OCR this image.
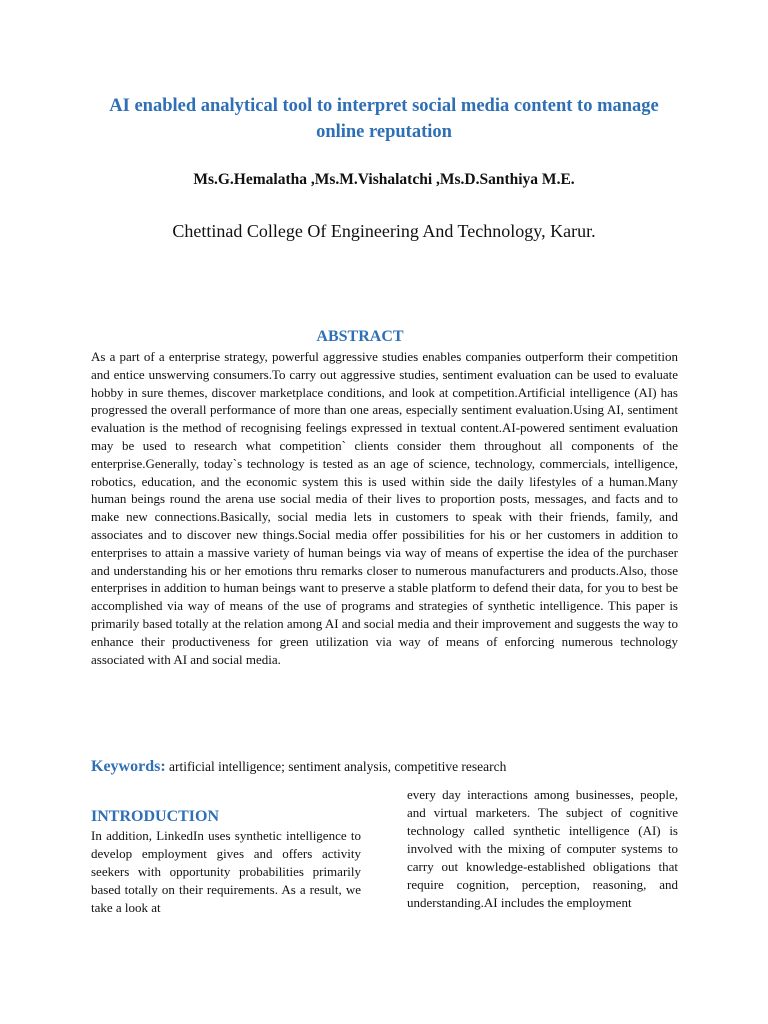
AI enabled analytical tool to interpret social media content to manage online reputation
Ms.G.Hemalatha ,Ms.M.Vishalatchi ,Ms.D.Santhiya M.E.
Chettinad College Of Engineering And Technology, Karur.
ABSTRACT
As a part of a enterprise strategy, powerful aggressive studies enables companies outperform their competition and entice unswerving consumers.To carry out aggressive studies, sentiment evaluation can be used to evaluate hobby in sure themes, discover marketplace conditions, and look at competition.Artificial intelligence (AI) has progressed the overall performance of more than one areas, especially sentiment evaluation.Using AI, sentiment evaluation is the method of recognising feelings expressed in textual content.AI-powered sentiment evaluation may be used to research what competition` clients consider them throughout all components of the enterprise.Generally, today`s technology is tested as an age of science, technology, commercials, intelligence, robotics, education, and the economic system this is used within side the daily lifestyles of a human.Many human beings round the arena use social media of their lives to proportion posts, messages, and facts and to make new connections.Basically, social media lets in customers to speak with their friends, family, and associates and to discover new things.Social media offer possibilities for his or her customers in addition to enterprises to attain a massive variety of human beings via way of means of expertise the idea of the purchaser and understanding his or her emotions thru remarks closer to numerous manufacturers and products.Also, those enterprises in addition to human beings want to preserve a stable platform to defend their data, for you to best be accomplished via way of means of the use of programs and strategies of synthetic intelligence. This paper is primarily based totally at the relation among AI and social media and their improvement and suggests the way to enhance their productiveness for green utilization via way of means of enforcing numerous technology associated with AI and social media.
Keywords: artificial intelligence; sentiment analysis, competitive research
INTRODUCTION
In addition, LinkedIn uses synthetic intelligence to develop employment gives and offers activity seekers with opportunity probabilities primarily based totally on their requirements. As a result, we take a look at
every day interactions among businesses, people, and virtual marketers. The subject of cognitive technology called synthetic intelligence (AI) is involved with the mixing of computer systems to carry out knowledge-established obligations that require cognition, perception, reasoning, and understanding.AI includes the employment
